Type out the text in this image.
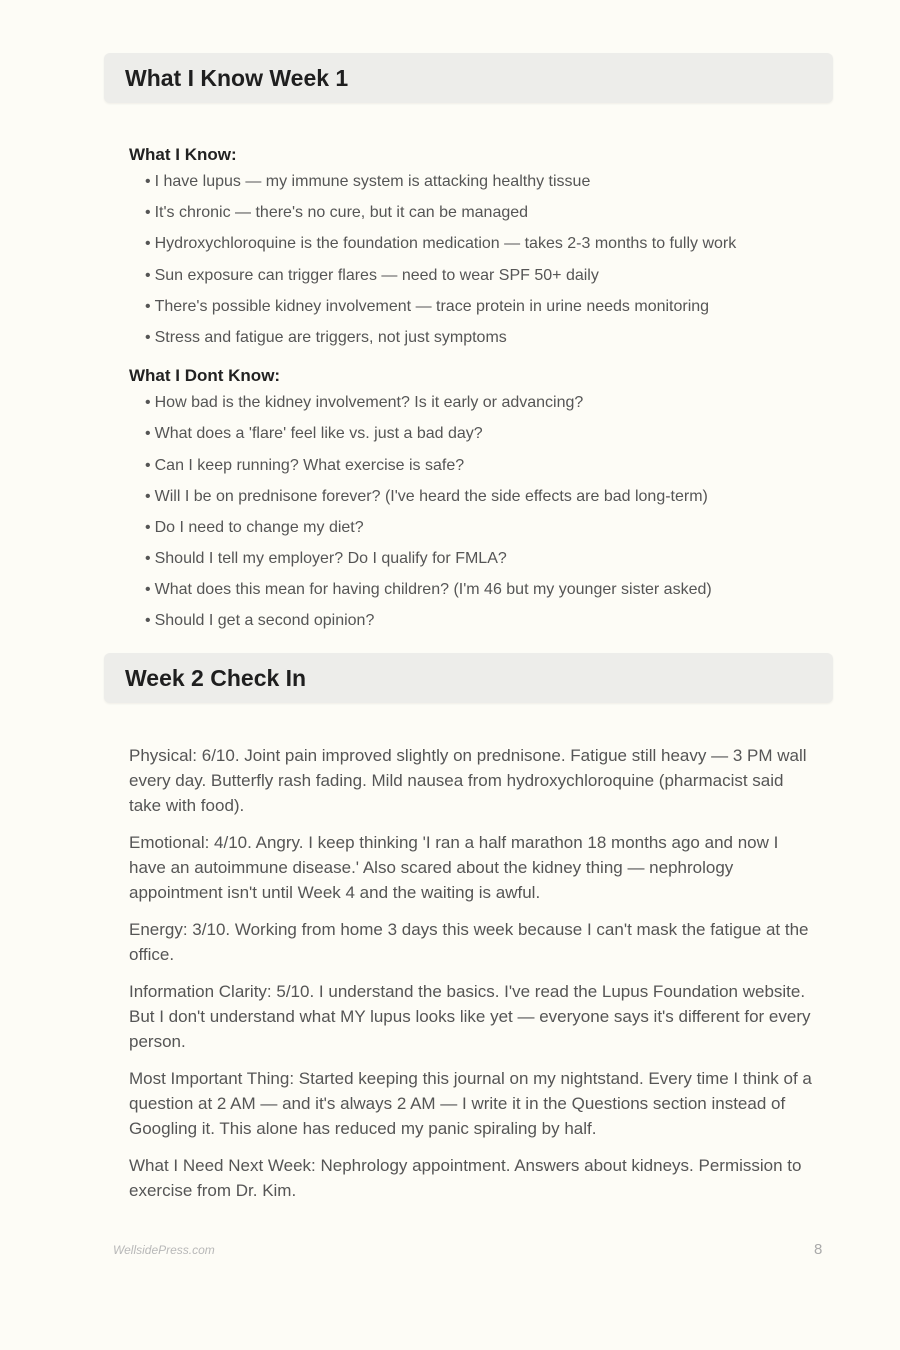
What I Know Week 1
What I Know:
• I have lupus — my immune system is attacking healthy tissue
• It's chronic — there's no cure, but it can be managed
• Hydroxychloroquine is the foundation medication — takes 2-3 months to fully work
• Sun exposure can trigger flares — need to wear SPF 50+ daily
• There's possible kidney involvement — trace protein in urine needs monitoring
• Stress and fatigue are triggers, not just symptoms
What I Dont Know:
• How bad is the kidney involvement? Is it early or advancing?
• What does a 'flare' feel like vs. just a bad day?
• Can I keep running? What exercise is safe?
• Will I be on prednisone forever? (I've heard the side effects are bad long-term)
• Do I need to change my diet?
• Should I tell my employer? Do I qualify for FMLA?
• What does this mean for having children? (I'm 46 but my younger sister asked)
• Should I get a second opinion?
Week 2 Check In

Physical: 6/10. Joint pain improved slightly on prednisone. Fatigue still heavy — 3 PM wall every day. Butterfly rash fading. Mild nausea from hydroxychloroquine (pharmacist said take with food).

Emotional: 4/10. Angry. I keep thinking 'I ran a half marathon 18 months ago and now I have an autoimmune disease.' Also scared about the kidney thing — nephrology appointment isn't until Week 4 and the waiting is awful.

Energy: 3/10. Working from home 3 days this week because I can't mask the fatigue at the office.

Information Clarity: 5/10. I understand the basics. I've read the Lupus Foundation website. But I don't understand what MY lupus looks like yet — everyone says it's different for every person.

Most Important Thing: Started keeping this journal on my nightstand. Every time I think of a question at 2 AM — and it's always 2 AM — I write it in the Questions section instead of Googling it. This alone has reduced my panic spiraling by half.

What I Need Next Week: Nephrology appointment. Answers about kidneys. Permission to exercise from Dr. Kim.

WellsidePress.com	8
